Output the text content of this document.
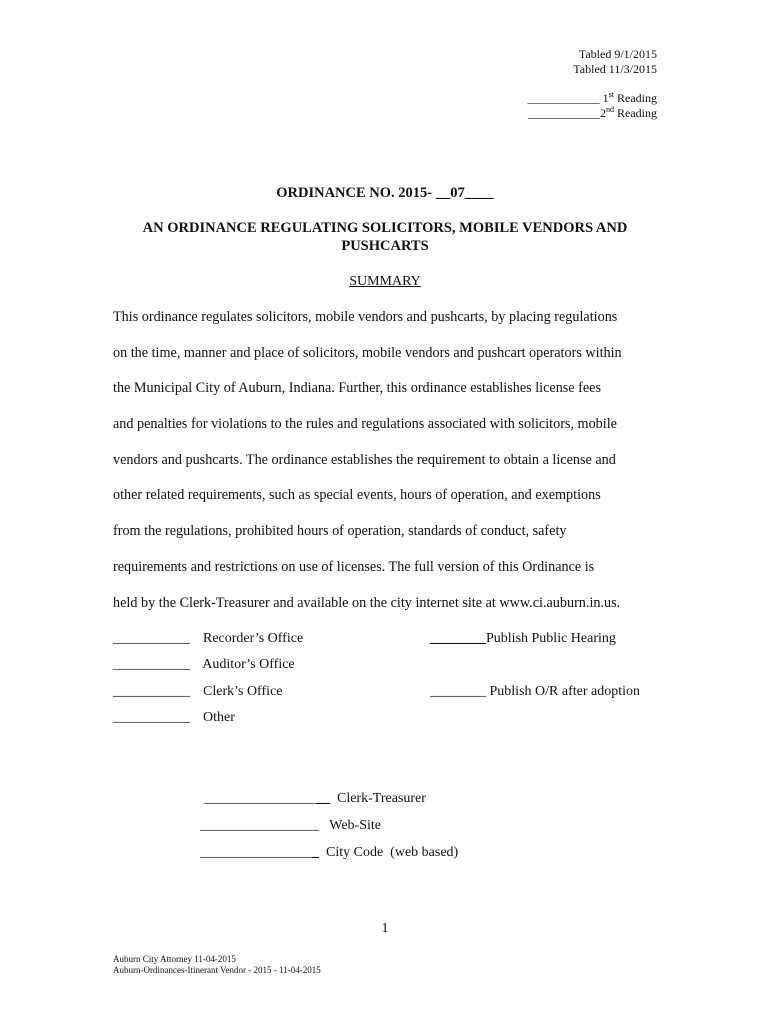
Tabled 9/1/2015
Tabled 11/3/2015
____________ 1st Reading
____________2nd Reading
ORDINANCE NO. 2015- __07____
AN ORDINANCE REGULATING SOLICITORS, MOBILE VENDORS AND
PUSHCARTS
SUMMARY
This ordinance regulates solicitors, mobile vendors and pushcarts, by placing regulations
on the time, manner and place of solicitors, mobile vendors and pushcart operators within
the Municipal City of Auburn, Indiana. Further, this ordinance establishes license fees
and penalties for violations to the rules and regulations associated with solicitors, mobile
vendors and pushcarts. The ordinance establishes the requirement to obtain a license and
other related requirements, such as special events, hours of operation, and exemptions
from the regulations, prohibited hours of operation, standards of conduct, safety
requirements and restrictions on use of licenses. The full version of this Ordinance is
held by the Clerk-Treasurer and available on the city internet site at www.ci.auburn.in.us.
___________ Recorder’s Office
___________ Auditor’s Office
___________ Clerk’s Office
___________ Other
________Publish Public Hearing
________ Publish O/R after adoption
__________________  Clerk-Treasurer
_________________   Web-Site
_________________  City Code  (web based)
1
Auburn City Attorney 11-04-2015
Auburn-Ordinances-Itinerant Vendor - 2015 - 11-04-2015
